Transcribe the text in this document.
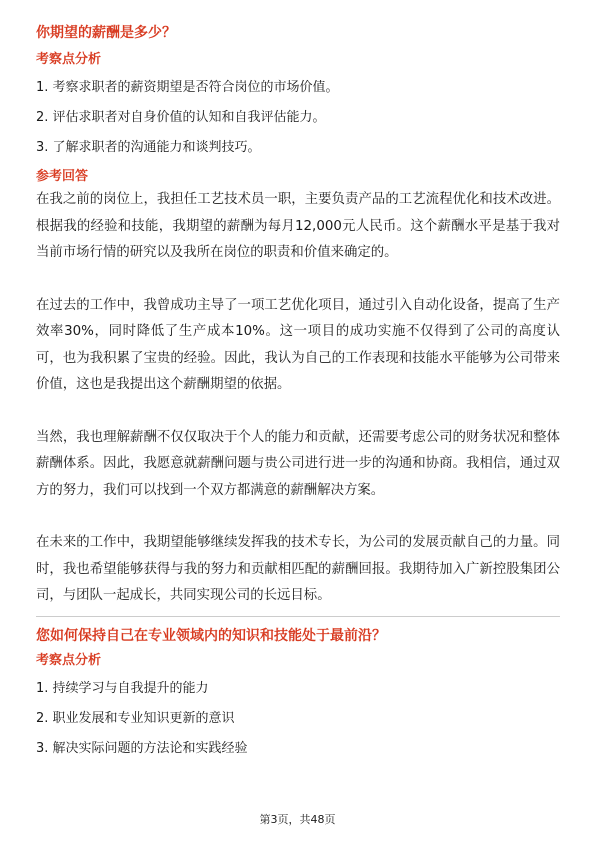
你期望的薪酬是多少？

考察点分析

1. 考察求职者的薪资期望是否符合岗位的市场价值。

2. 评估求职者对自身价值的认知和自我评估能力。

3. 了解求职者的沟通能力和谈判技巧。

参考回答

在我之前的岗位上，我担任工艺技术员一职，主要负责产品的工艺流程优化和技术改进。根据我的经验和技能，我期望的薪酬为每月12,000元人民币。这个薪酬水平是基于我对当前市场行情的研究以及我所在岗位的职责和价值来确定的。

在过去的工作中，我曾成功主导了一项工艺优化项目，通过引入自动化设备，提高了生产效率30%，同时降低了生产成本10%。这一项目的成功实施不仅得到了公司的高度认可，也为我积累了宝贵的经验。因此，我认为自己的工作表现和技能水平能够为公司带来价值，这也是我提出这个薪酬期望的依据。

当然，我也理解薪酬不仅仅取决于个人的能力和贡献，还需要考虑公司的财务状况和整体薪酬体系。因此，我愿意就薪酬问题与贵公司进行进一步的沟通和协商。我相信，通过双方的努力，我们可以找到一个双方都满意的薪酬解决方案。

在未来的工作中，我期望能够继续发挥我的技术专长，为公司的发展贡献自己的力量。同时，我也希望能够获得与我的努力和贡献相匹配的薪酬回报。我期待加入广新控股集团公司，与团队一起成长，共同实现公司的长远目标。

您如何保持自己在专业领域内的知识和技能处于最前沿？

考察点分析

1. 持续学习与自我提升的能力

2. 职业发展和专业知识更新的意识

3. 解决实际问题的方法论和实践经验

第3页，共48页
